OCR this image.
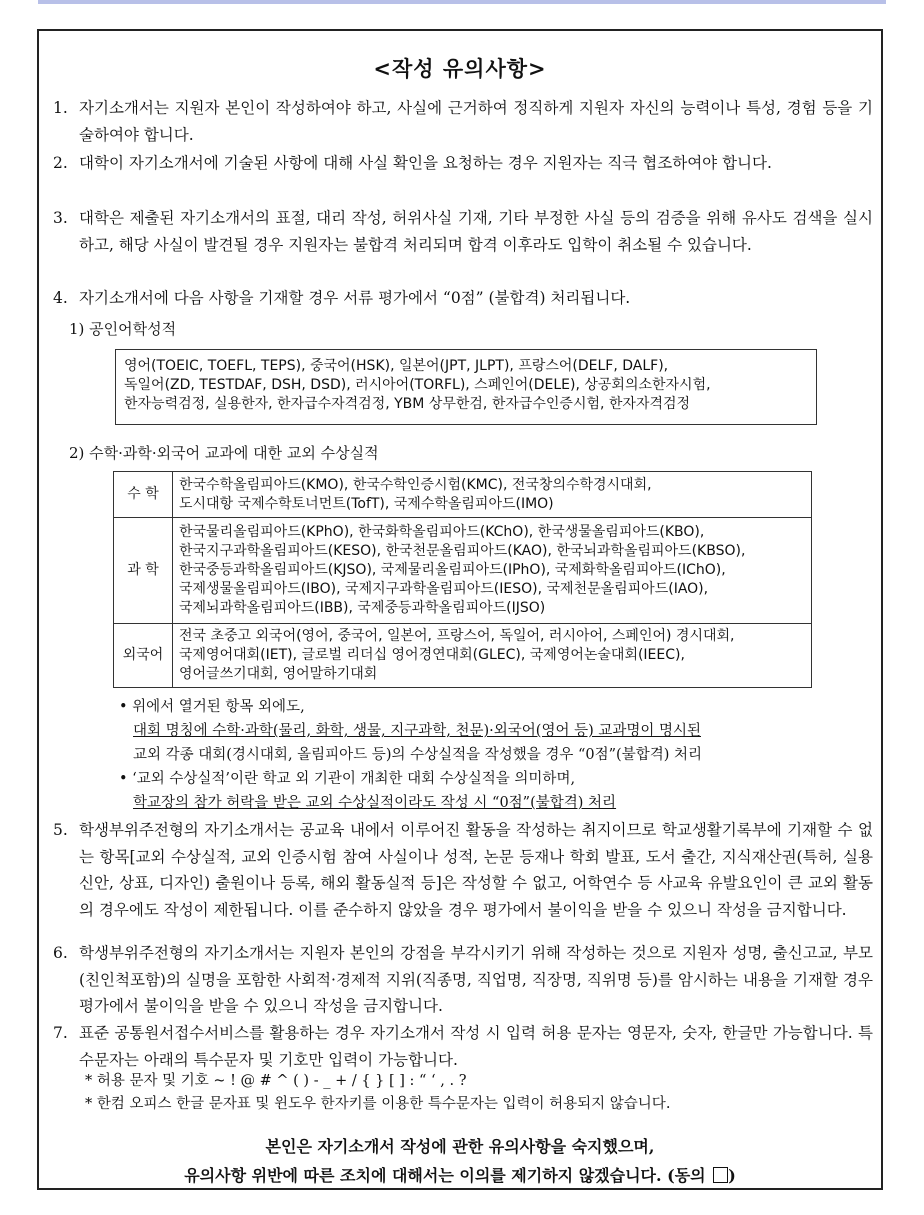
<작성 유의사항>
1. 자기소개서는 지원자 본인이 작성하여야 하고, 사실에 근거하여 정직하게 지원자 자신의 능력이나 특성, 경험 등을 기술하여야 합니다.
2. 대학이 자기소개서에 기술된 사항에 대해 사실 확인을 요청하는 경우 지원자는 직극 협조하여야 합니다.
3. 대학은 제출된 자기소개서의 표절, 대리 작성, 허위사실 기재, 기타 부정한 사실 등의 검증을 위해 유사도 검색을 실시하고, 해당 사실이 발견될 경우 지원자는 불합격 처리되며 합격 이후라도 입학이 취소될 수 있습니다.
4. 자기소개서에 다음 사항을 기재할 경우 서류 평가에서 “0점” (불합격) 처리됩니다.
1) 공인어학성적
영어(TOEIC, TOEFL, TEPS), 중국어(HSK), 일본어(JPT, JLPT), 프랑스어(DELF, DALF),
독일어(ZD, TESTDAF, DSH, DSD), 러시아어(TORFL), 스페인어(DELE), 상공회의소한자시험,
한자능력검정, 실용한자, 한자급수자격검정, YBM 상무한검, 한자급수인증시험, 한자자격검정
2) 수학·과학·외국어 교과에 대한 교외 수상실적
수 학	한국수학올림피아드(KMO), 한국수학인증시험(KMC), 전국창의수학경시대회,
도시대항 국제수학토너먼트(TofT), 국제수학올림피아드(IMO)

과 학	한국물리올림피아드(KPhO), 한국화학올림피아드(KChO), 한국생물올림피아드(KBO),
한국지구과학올림피아드(KESO), 한국천문올림피아드(KAO), 한국뇌과학올림피아드(KBSO),
한국중등과학올림피아드(KJSO), 국제물리올림피아드(IPhO), 국제화학올림피아드(IChO),
국제생물올림피아드(IBO), 국제지구과학올림피아드(IESO), 국제천문올림피아드(IAO),
국제뇌과학올림피아드(IBB), 국제중등과학올림피아드(IJSO)

외국어	전국 초중고 외국어(영어, 중국어, 일본어, 프랑스어, 독일어, 러시아어, 스페인어) 경시대회,
국제영어대회(IET), 글로벌 리더십 영어경연대회(GLEC), 국제영어논술대회(IEEC),
영어글쓰기대회, 영어말하기대회
• 위에서 열거된 항목 외에도,
대회 명칭에 수학·과학(물리, 화학, 생물, 지구과학, 천문)·외국어(영어 등) 교과명이 명시된
교외 각종 대회(경시대회, 올림피아드 등)의 수상실적을 작성했을 경우 “0점”(불합격) 처리
• ‘교외 수상실적’이란 학교 외 기관이 개최한 대회 수상실적을 의미하며,
학교장의 참가 허락을 받은 교외 수상실적이라도 작성 시 “0점”(불합격) 처리
5. 학생부위주전형의 자기소개서는 공교육 내에서 이루어진 활동을 작성하는 취지이므로 학교생활기록부에 기재할 수 없는 항목[교외 수상실적, 교외 인증시험 참여 사실이나 성적, 논문 등재나 학회 발표, 도서 출간, 지식재산권(특허, 실용신안, 상표, 디자인) 출원이나 등록, 해외 활동실적 등]은 작성할 수 없고, 어학연수 등 사교육 유발요인이 큰 교외 활동의 경우에도 작성이 제한됩니다. 이를 준수하지 않았을 경우 평가에서 불이익을 받을 수 있으니 작성을 금지합니다.
6. 학생부위주전형의 자기소개서는 지원자 본인의 강점을 부각시키기 위해 작성하는 것으로 지원자 성명, 출신고교, 부모(친인척포함)의 실명을 포함한 사회적·경제적 지위(직종명, 직업명, 직장명, 직위명 등)를 암시하는 내용을 기재할 경우 평가에서 불이익을 받을 수 있으니 작성을 금지합니다.
7. 표준 공통원서접수서비스를 활용하는 경우 자기소개서 작성 시 입력 허용 문자는 영문자, 숫자, 한글만 가능합니다. 특수문자는 아래의 특수문자 및 기호만 입력이 가능합니다.
* 허용 문자 및 기호 ~ ! @ # ^ ( ) - _ + / { } [ ] : “ ‘ , . ?
* 한컴 오피스 한글 문자표 및 윈도우 한자키를 이용한 특수문자는 입력이 허용되지 않습니다.
본인은 자기소개서 작성에 관한 유의사항을 숙지했으며,
유의사항 위반에 따른 조치에 대해서는 이의를 제기하지 않겠습니다. (동의 )
